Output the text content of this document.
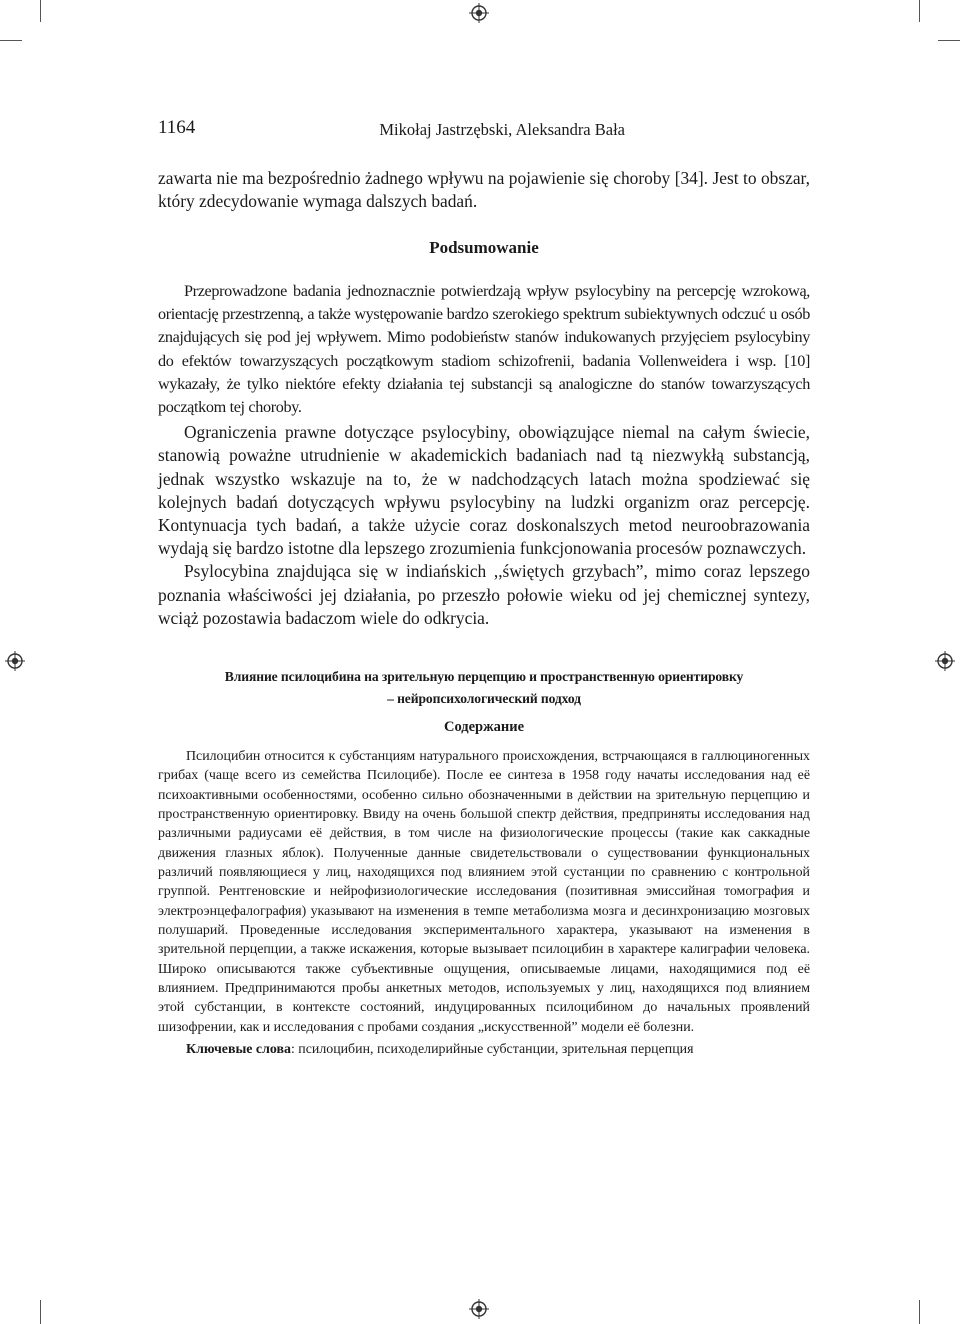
1164	Mikołaj Jastrzębski, Aleksandra Bała

zawarta nie ma bezpośrednio żadnego wpływu na pojawienie się choroby [34]. Jest to obszar, który zdecydowanie wymaga dalszych badań.

Podsumowanie

Przeprowadzone badania jednoznacznie potwierdzają wpływ psylocybiny na percepcję wzrokową, orientację przestrzenną, a także występowanie bardzo szerokiego spektrum subiektywnych odczuć u osób znajdujących się pod jej wpływem. Mimo podobieństw stanów indukowanych przyjęciem psylocybiny do efektów towarzyszących początkowym stadiom schizofrenii, badania Vollenweidera i wsp. [10] wykazały, że tylko niektóre efekty działania tej substancji są analogiczne do stanów towarzyszących początkom tej choroby.

Ograniczenia prawne dotyczące psylocybiny, obowiązujące niemal na całym świecie, stanowią poważne utrudnienie w akademickich badaniach nad tą niezwykłą substancją, jednak wszystko wskazuje na to, że w nadchodzących latach można spodziewać się kolejnych badań dotyczących wpływu psylocybiny na ludzki organizm oraz percepcję. Kontynuacja tych badań, a także użycie coraz doskonalszych metod neuroobrazowania wydają się bardzo istotne dla lepszego zrozumienia funkcjonowania procesów poznawczych.

Psylocybina znajdująca się w indiańskich ,,świętych grzybach”, mimo coraz lepszego poznania właściwości jej działania, po przeszło połowie wieku od jej chemicznej syntezy, wciąż pozostawia badaczom wiele do odkrycia.

Влияние псилоцибина на зрительную перцепцию и пространственную ориентировку
– нейропсихологический подход
Содержание

Псилоцибин относится к субстанциям натурального происхождения, встрчающаяся в галлюциногенных грибах (чаще всего из семейства Псилоцибе). После ее синтеза в 1958 году начаты исследования над её психоактивными особенностями, особенно сильно обозначенными в действии на зрительную перцепцию и пространственную ориентировку. Ввиду на очень большой спектр действия, предприняты исследования над различными радиусами её действия, в том числе на физиологические процессы (такие как саккадные движения глазных яблок). Полученные данные свидетельствовали о существовании функциональных различий появляющиеся у лиц, находящихся под влиянием этой сустанции по сравнению с контрольной группой. Рентгеновские и нейрофизиологические исследования (позитивная эмиссийная томография и электроэнцефалография) указывают на изменения в темпе метаболизма мозга и десинхронизацию мозговых полушарий. Проведенные исследования экспериментального характера, указывают на изменения в зрительной перцепции, а также искажения, которые вызывает псилоцибин в характере калиграфии человека. Широко описываются также субъективные ощущения, описываемые лицами, находящимися под её влиянием. Предпринимаются пробы анкетных методов, используемых у лиц, находящихся под влиянием этой субстанции, в контексте состояний, индуцированных псилоцибином до начальных проявлений шизофрении, как и исследования с пробами создания „искусственной” модели её болезни.

Ключевые слова: псилоцибин, психоделирийные субстанции, зрительная перцепция
